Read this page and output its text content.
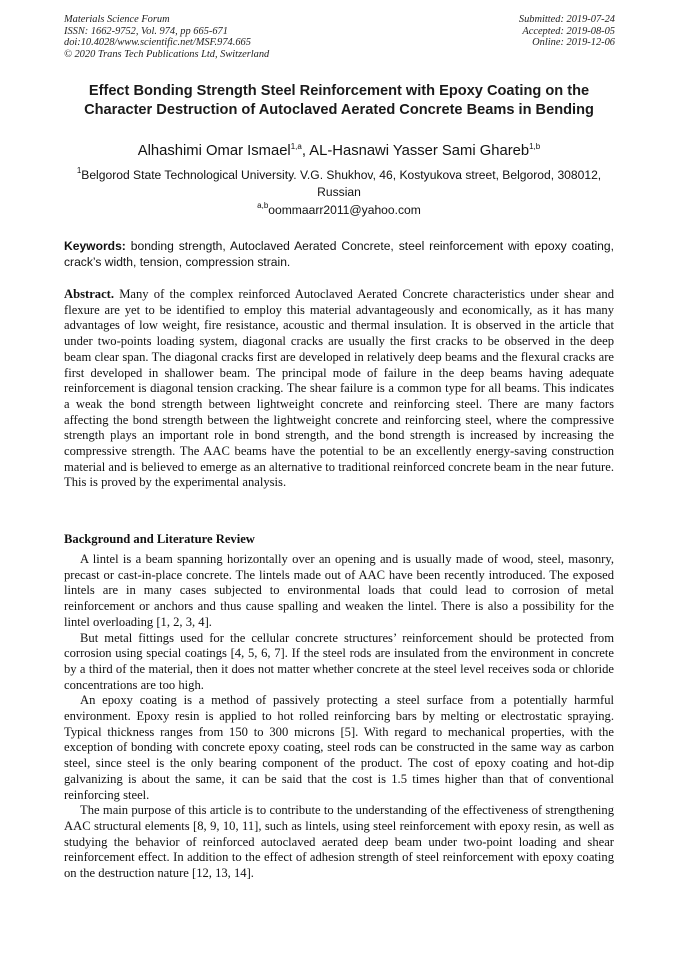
Materials Science Forum
ISSN: 1662-9752, Vol. 974, pp 665-671
doi:10.4028/www.scientific.net/MSF.974.665
© 2020 Trans Tech Publications Ltd, Switzerland
Submitted: 2019-07-24
Accepted: 2019-08-05
Online: 2019-12-06
Effect Bonding Strength Steel Reinforcement with Epoxy Coating on the Character Destruction of Autoclaved Aerated Concrete Beams in Bending
Alhashimi Omar Ismael$^{1,a}$, AL-Hasnawi Yasser Sami Ghareb$^{1,b}$
$^1$Belgorod State Technological University. V.G. Shukhov, 46, Kostyukova street, Belgorod, 308012, Russian
$^{a,b}$oommaarr2011@yahoo.com
Keywords: bonding strength, Autoclaved Aerated Concrete, steel reinforcement with epoxy coating, crack’s width, tension, compression strain.
Abstract. Many of the complex reinforced Autoclaved Aerated Concrete characteristics under shear and flexure are yet to be identified to employ this material advantageously and economically, as it has many advantages of low weight, fire resistance, acoustic and thermal insulation. It is observed in the article that under two-points loading system, diagonal cracks are usually the first cracks to be observed in the deep beam clear span. The diagonal cracks first are developed in relatively deep beams and the flexural cracks are first developed in shallower beam. The principal mode of failure in the deep beams having adequate reinforcement is diagonal tension cracking. The shear failure is a common type for all beams. This indicates a weak the bond strength between lightweight concrete and reinforcing steel. There are many factors affecting the bond strength between the lightweight concrete and reinforcing steel, where the compressive strength plays an important role in bond strength, and the bond strength is increased by increasing the compressive strength. The AAC beams have the potential to be an excellently energy-saving construction material and is believed to emerge as an alternative to traditional reinforced concrete beam in the near future. This is proved by the experimental analysis.
Background and Literature Review

A lintel is a beam spanning horizontally over an opening and is usually made of wood, steel, masonry, precast or cast-in-place concrete. The lintels made out of AAC have been recently introduced. The exposed lintels are in many cases subjected to environmental loads that could lead to corrosion of metal reinforcement or anchors and thus cause spalling and weaken the lintel. There is also a possibility for the lintel overloading [1, 2, 3, 4].

But metal fittings used for the cellular concrete structures’ reinforcement should be protected from corrosion using special coatings [4, 5, 6, 7]. If the steel rods are insulated from the environment in concrete by a third of the material, then it does not matter whether concrete at the steel level receives soda or chloride concentrations are too high.

An epoxy coating is a method of passively protecting a steel surface from a potentially harmful environment. Epoxy resin is applied to hot rolled reinforcing bars by melting or electrostatic spraying. Typical thickness ranges from 150 to 300 microns [5]. With regard to mechanical properties, with the exception of bonding with concrete epoxy coating, steel rods can be constructed in the same way as carbon steel, since steel is the only bearing component of the product. The cost of epoxy coating and hot-dip galvanizing is about the same, it can be said that the cost is 1.5 times higher than that of conventional reinforcing steel.

The main purpose of this article is to contribute to the understanding of the effectiveness of strengthening AAC structural elements [8, 9, 10, 11], such as lintels, using steel reinforcement with epoxy resin, as well as studying the behavior of reinforced autoclaved aerated deep beam under two-point loading and shear reinforcement effect. In addition to the effect of adhesion strength of steel reinforcement with epoxy coating on the destruction nature [12, 13, 14].
